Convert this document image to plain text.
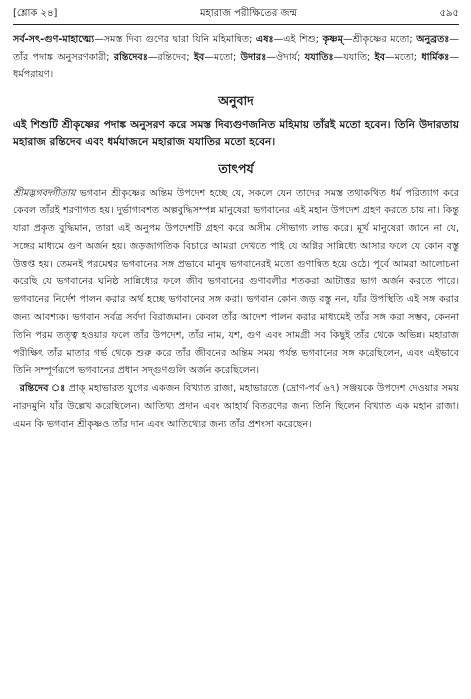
[শ্লোক ২৪]	মহারাজ পরীক্ষিতের জন্ম	৫৯৫
সর্ব-সৎ-গুণ-মাহাত্ম্যে—সমস্ত দিব্য গুণের দ্বারা যিনি মহিমান্বিত; এষঃ—এই শিশু; কৃষ্ণম্—শ্রীকৃষ্ণের মতো; অনুব্রতঃ—তাঁর পদাঙ্ক অনুসরণকারী; রন্তিদেবঃ—রন্তিদেব; ইব—মতো; উদারঃ—ঔদার্য; যযাতিঃ—যযাতি; ইব—মতো; ধার্মিকঃ—ধর্মপরায়ণ।
অনুবাদ
এই শিশুটি শ্রীকৃষ্ণের পদাঙ্ক অনুসরণ করে সমস্ত দিব্যগুণজনিত মহিমায় তাঁরই মতো হবেন। তিনি উদারতায় মহারাজ রন্তিদেব এবং ধর্মযাজনে মহারাজ যযাতির মতো হবেন।
তাৎপর্য

শ্রীমদ্ভগবদ্গীতায় ভগবান শ্রীকৃষ্ণের অন্তিম উপদেশ হচ্ছে যে, সকলে যেন তাদের সমস্ত তথাকথিত ধর্ম পরিত্যাগ করে কেবল তাঁরই শরণাগত হয়। দুর্ভাগ্যবশত অল্পবুদ্ধিসম্পন্ন মানুষেরা ভগবানের এই মহান উপদেশ গ্রহণ করতে চায় না। কিন্তু যারা প্রকৃত বুদ্ধিমান, তারা এই অনুপম উপদেশটি গ্রহণ করে অসীম সৌভাগ্য লাভ করে। মূর্খ মানুষেরা জানে না যে, সঙ্গের মাধ্যমে গুণ অর্জন হয়। জড়জাগতিক বিচারে আমরা দেখতে পাই যে অগ্নির সান্নিধ্যে আসার ফলে যে কোন বস্তু উত্তপ্ত হয়। তেমনই পরমেশ্বর ভগবানের সঙ্গ প্রভাবে মানুষ ভগবানেরই মতো গুণান্বিত হয়ে ওঠে। পূর্বে আমরা আলোচনা করেছি যে ভগবানের ঘনিষ্ঠ সান্নিধ্যের ফলে জীব ভগবানের গুণাবলীর শতকরা আটাত্তর ভাগ অর্জন করতে পারে। ভগবানের নির্দেশ পালন করার অর্থ হচ্ছে ভগবানের সঙ্গ করা। ভগবান কোন জড় বস্তু নন, যাঁর উপস্থিতি এই সঙ্গ করার জন্য আবশ্যক। ভগবান সর্বত্র সর্বদা বিরাজমান। কেবল তাঁর আদেশ পালন করার মাধ্যমেই তাঁর সঙ্গ করা সম্ভব, কেননা তিনি পরম তত্ত্ব হওয়ার ফলে তাঁর উপদেশ, তাঁর নাম, যশ, গুণ এবং সামগ্রী সব কিছুই তাঁর থেকে অভিন্ন। মহারাজ পরীক্ষিৎ তাঁর মাতার গর্ভ থেকে শুরু করে তাঁর জীবনের অন্তিম সময় পর্যন্ত ভগবানের সঙ্গ করেছিলেন, এবং এইভাবে তিনি সম্পূর্ণরূপে ভগবানের প্রধান সদ্গুণগুলি অর্জন করেছিলেন।

রন্তিদেব ঃ প্রাক্ মহাভারত যুগের একজন বিখ্যাত রাজা, মহাভারতে (দ্রোণ-পর্ব ৬৭) সঞ্জয়কে উপদেশ দেওয়ার সময় নারদমুনি যাঁর উল্লেখ করেছিলেন। আতিথ্য প্রদান এবং আহার্য বিতরণের জন্য তিনি ছিলেন বিখ্যাত এক মহান রাজা। এমন কি ভগবান শ্রীকৃষ্ণও তাঁর দান এবং আতিথ্যের জন্য তাঁর প্রশংসা করেছেন।
